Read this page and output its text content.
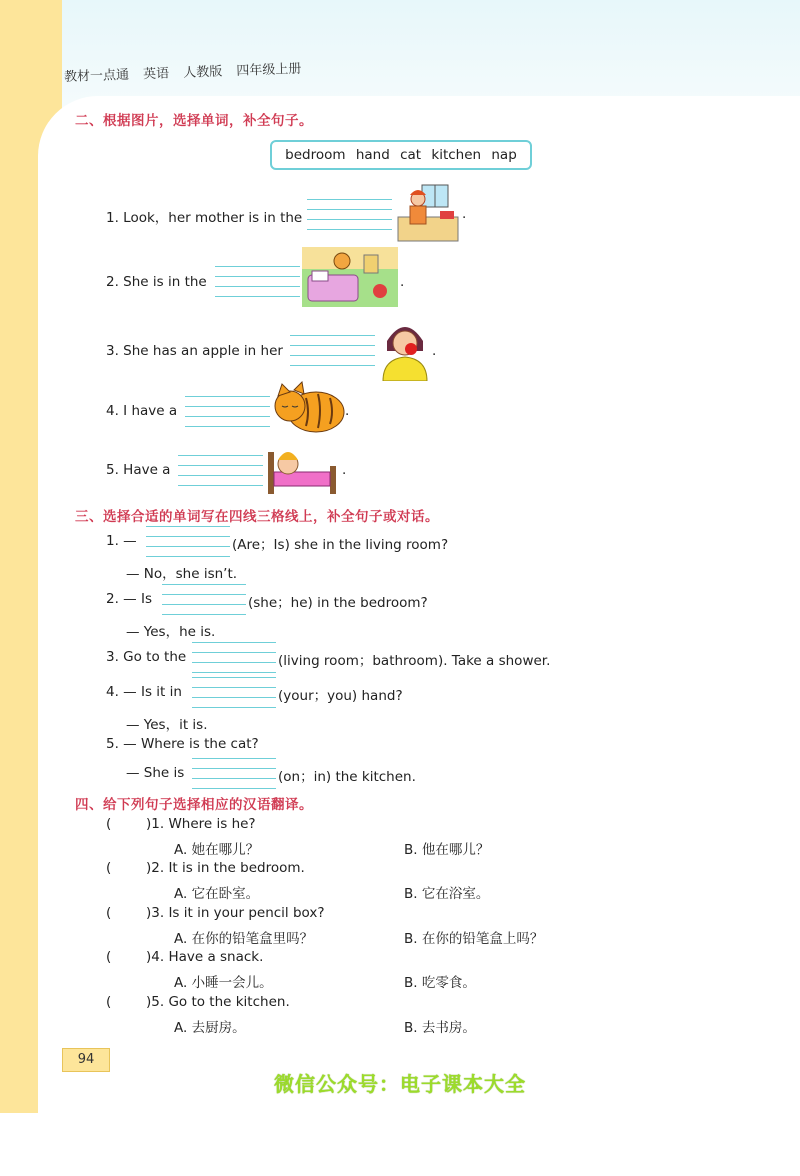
教材一点通 英语 人教版 四年级上册
二、根据图片，选择单词，补全句子。
bedroom hand cat kitchen nap
1. Look，her mother is in the	.
2. She is in the	.
3. She has an apple in her	.
4. I have a	.
5. Have a	.
三、选择合适的单词写在四线三格线上，补全句子或对话。
1. —	(Are；Is) she in the living room?
— No，she isn’t.
2. — Is	(she；he) in the bedroom?
— Yes，he is.
3. Go to the	(living room；bathroom). Take a shower.
4. — Is it in	(your；you) hand?
— Yes，it is.
5. — Where is the cat?
— She is	(on；in) the kitchen.
四、给下列句子选择相应的汉语翻译。
(	)1. Where is he?
A. 她在哪儿？	B. 他在哪儿？
(	)2. It is in the bedroom.
A. 它在卧室。	B. 它在浴室。
(	)3. Is it in your pencil box?
A. 在你的铅笔盒里吗？	B. 在你的铅笔盒上吗？
(	)4. Have a snack.
A. 小睡一会儿。	B. 吃零食。
(	)5. Go to the kitchen.
A. 去厨房。	B. 去书房。
94
微信公众号：电子课本大全
